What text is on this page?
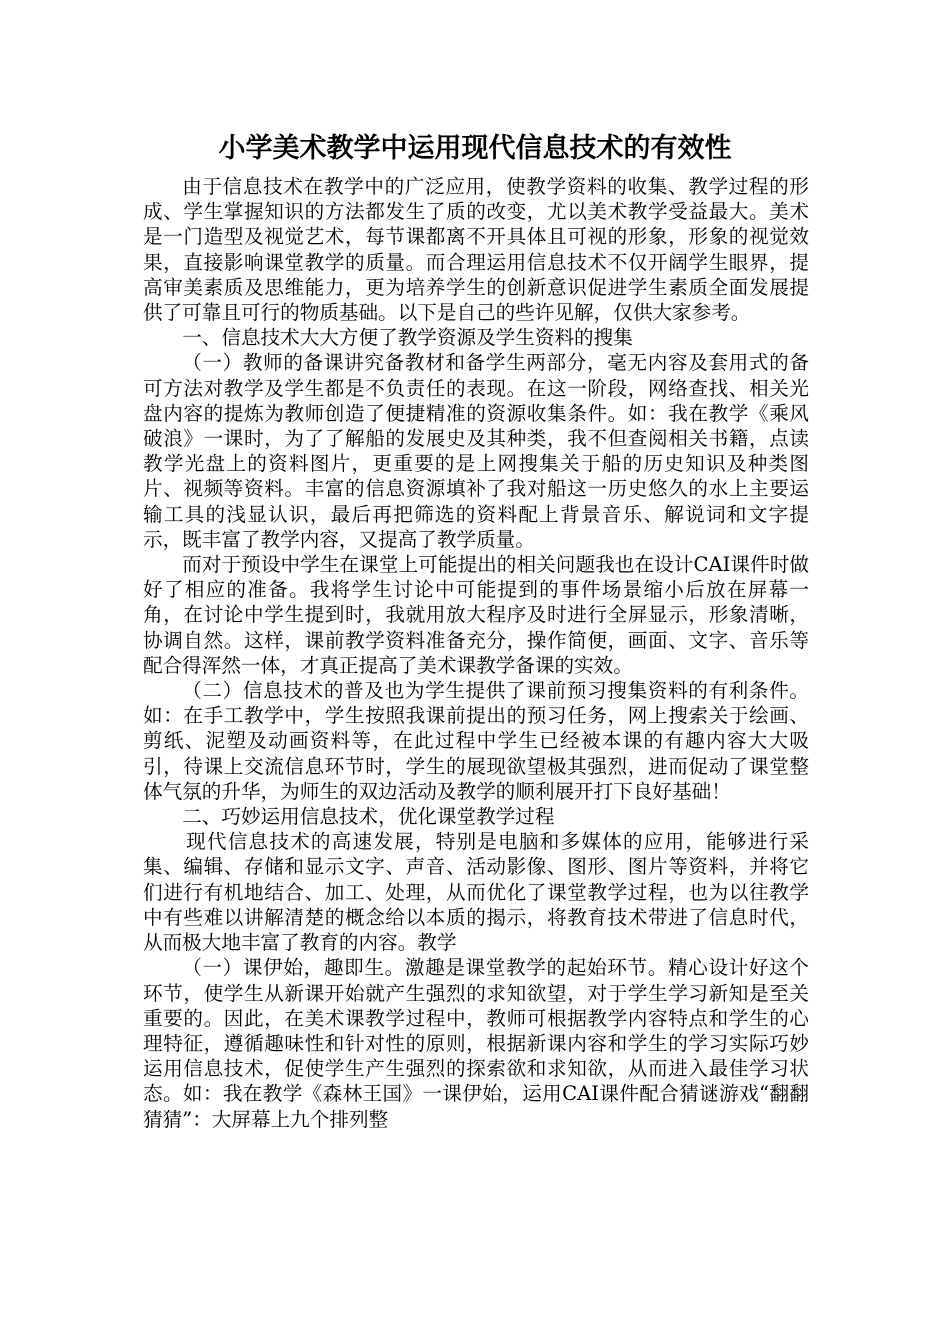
小学美术教学中运用现代信息技术的有效性

由于信息技术在教学中的广泛应用，使教学资料的收集、教学过程的形成、学生掌握知识的方法都发生了质的改变，尤以美术教学受益最大。美术是一门造型及视觉艺术，每节课都离不开具体且可视的形象，形象的视觉效果，直接影响课堂教学的质量。而合理运用信息技术不仅开阔学生眼界，提高审美素质及思维能力，更为培养学生的创新意识促进学生素质全面发展提供了可靠且可行的物质基础。以下是自己的些许见解，仅供大家参考。

一、信息技术大大方便了教学资源及学生资料的搜集

（一）教师的备课讲究备教材和备学生两部分，毫无内容及套用式的备可方法对教学及学生都是不负责任的表现。在这一阶段，网络查找、相关光盘内容的提炼为教师创造了便捷精准的资源收集条件。如：我在教学《乘风破浪》一课时，为了了解船的发展史及其种类，我不但查阅相关书籍，点读教学光盘上的资料图片，更重要的是上网搜集关于船的历史知识及种类图片、视频等资料。丰富的信息资源填补了我对船这一历史悠久的水上主要运输工具的浅显认识，最后再把筛选的资料配上背景音乐、解说词和文字提示，既丰富了教学内容，又提高了教学质量。

而对于预设中学生在课堂上可能提出的相关问题我也在设计CAI课件时做好了相应的准备。我将学生讨论中可能提到的事件场景缩小后放在屏幕一角，在讨论中学生提到时，我就用放大程序及时进行全屏显示，形象清晰，协调自然。这样，课前教学资料准备充分，操作简便，画面、文字、音乐等配合得浑然一体，才真正提高了美术课教学备课的实效。

（二）信息技术的普及也为学生提供了课前预习搜集资料的有利条件。如：在手工教学中，学生按照我课前提出的预习任务，网上搜索关于绘画、剪纸、泥塑及动画资料等，在此过程中学生已经被本课的有趣内容大大吸引，待课上交流信息环节时，学生的展现欲望极其强烈，进而促动了课堂整体气氛的升华，为师生的双边活动及教学的顺利展开打下良好基础！

二、巧妙运用信息技术，优化课堂教学过程

现代信息技术的高速发展，特别是电脑和多媒体的应用，能够进行采集、编辑、存储和显示文字、声音、活动影像、图形、图片等资料，并将它们进行有机地结合、加工、处理，从而优化了课堂教学过程，也为以往教学中有些难以讲解清楚的概念给以本质的揭示，将教育技术带进了信息时代，从而极大地丰富了教育的内容。教学

（一）课伊始，趣即生。激趣是课堂教学的起始环节。精心设计好这个环节，使学生从新课开始就产生强烈的求知欲望，对于学生学习新知是至关重要的。因此，在美术课教学过程中，教师可根据教学内容特点和学生的心理特征，遵循趣味性和针对性的原则，根据新课内容和学生的学习实际巧妙运用信息技术，促使学生产生强烈的探索欲和求知欲，从而进入最佳学习状态。如：我在教学《森林王国》一课伊始，运用CAI课件配合猜谜游戏“翻翻猜猜”：大屏幕上九个排列整
